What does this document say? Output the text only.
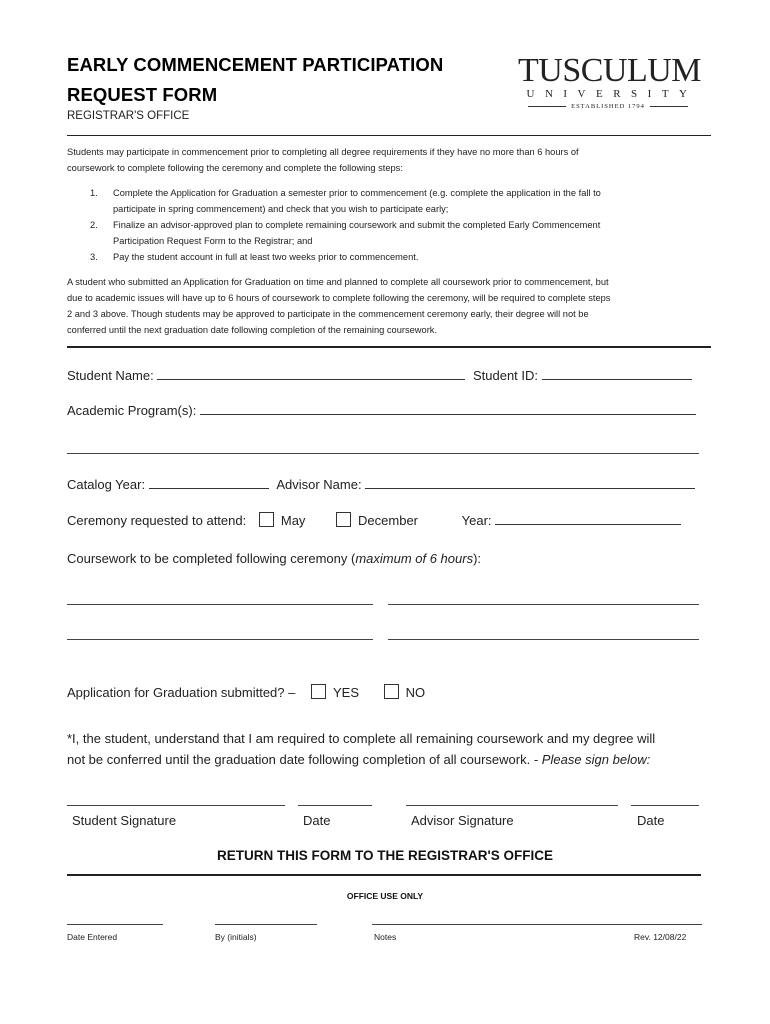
EARLY COMMENCEMENT PARTICIPATION
REQUEST FORM
REGISTRAR'S OFFICE
TUSCULUM
UNIVERSITY
ESTABLISHED 1794
Students may participate in commencement prior to completing all degree requirements if they have no more than 6 hours of
coursework to complete following the ceremony and complete the following steps:
1.	Complete the Application for Graduation a semester prior to commencement (e.g. complete the application in the fall to
participate in spring commencement) and check that you wish to participate early;
2.	Finalize an advisor-approved plan to complete remaining coursework and submit the completed Early Commencement
Participation Request Form to the Registrar; and
3.	Pay the student account in full at least two weeks prior to commencement.
A student who submitted an Application for Graduation on time and planned to complete all coursework prior to commencement, but
due to academic issues will have up to 6 hours of coursework to complete following the ceremony, will be required to complete steps
2 and 3 above. Though students may be approved to participate in the commencement ceremony early, their degree will not be
conferred until the next graduation date following completion of the remaining coursework.
Student Name:	Student ID:
Academic Program(s):
Catalog Year:	Advisor Name:
Ceremony requested to attend:	May	December	Year:
Coursework to be completed following ceremony (maximum of 6 hours):
Application for Graduation submitted? –	YES	NO
*I, the student, understand that I am required to complete all remaining coursework and my degree will
not be conferred until the graduation date following completion of all coursework. - Please sign below:
Student Signature	Date	Advisor Signature	Date
RETURN THIS FORM TO THE REGISTRAR'S OFFICE
OFFICE USE ONLY
Date Entered	By (initials)	Notes	Rev. 12/08/22
